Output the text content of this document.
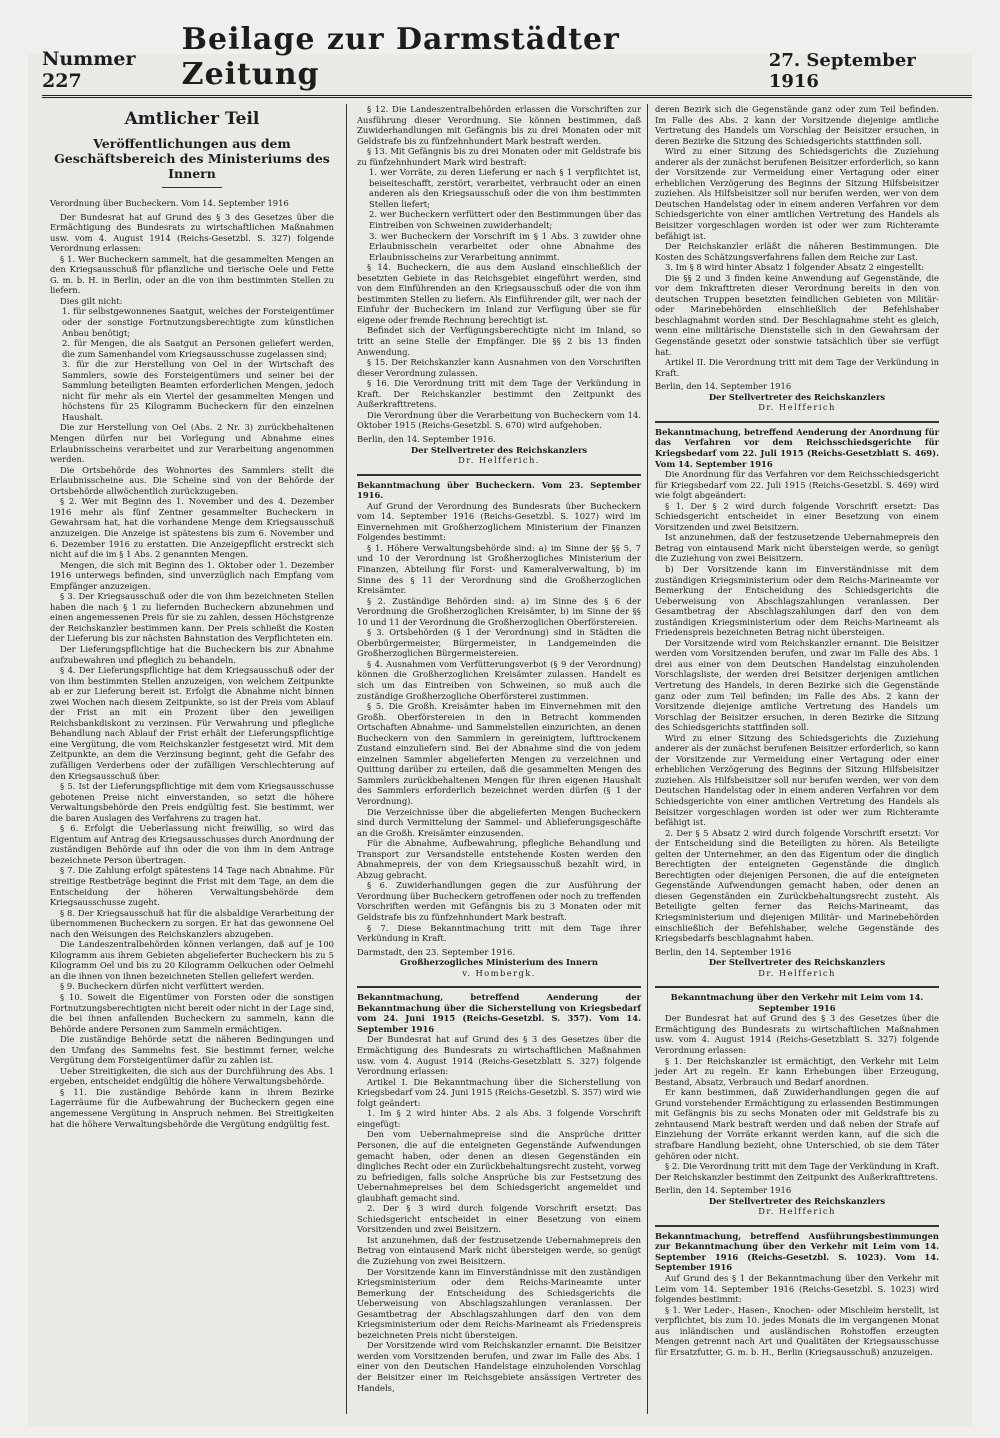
Nummer 227
Beilage zur Darmstädter Zeitung	27. September 1916
Amtlicher Teil
Veröffentlichungen aus dem Geschäftsbereich des Ministeriums des Innern

Verordnung über Bucheckern. Vom 14. September 1916

Der Bundesrat hat auf Grund des § 3 des Gesetzes über die Ermächtigung des Bundesrats zu wirtschaftlichen Maßnahmen usw. vom 4. August 1914 (Reichs-Gesetzbl. S. 327) folgende Verordnung erlassen:

§ 1. Wer Bucheckern sammelt, hat die gesammelten Mengen an den Kriegsausschuß für pflanzliche und tierische Oele und Fette G. m. b. H. in Berlin, oder an die von ihm bestimmten Stellen zu liefern.

Dies gilt nicht:

1. für selbstgewonnenes Saatgut, welches der Forsteigentümer oder der sonstige Fortnutzungsberechtigte zum künstlichen Anbau benötigt;

2. für Mengen, die als Saatgut an Personen geliefert werden, die zum Samenhandel vom Kriegsausschusse zugelassen sind;

3. für die zur Herstellung von Oel in der Wirtschaft des Sammlers, sowie des Forsteigentümers und seiner bei der Sammlung beteiligten Beamten erforderlichen Mengen, jedoch nicht für mehr als ein Viertel der gesammelten Mengen und höchstens für 25 Kilogramm Bucheckern für den einzelnen Haushalt.

Die zur Herstellung von Oel (Abs. 2 Nr. 3) zurückbehaltenen Mengen dürfen nur bei Vorlegung und Abnahme eines Erlaubnisscheins verarbeitet und zur Verarbeitung angenommen werden.

Die Ortsbehörde des Wohnortes des Sammlers stellt die Erlaubnisscheine aus. Die Scheine sind von der Behörde der Ortsbehörde allwöchentlich zurückzugeben.

§ 2. Wer mit Beginn des 1. November und des 4. Dezember 1916 mehr als fünf Zentner gesammelter Bucheckern in Gewahrsam hat, hat die vorhandene Menge dem Kriegsausschuß anzuzeigen. Die Anzeige ist spätestens bis zum 6. November und 6. Dezember 1916 zu erstatten. Die Anzeigepflicht erstreckt sich nicht auf die im § 1 Abs. 2 genannten Mengen.

Mengen, die sich mit Beginn des 1. Oktober oder 1. Dezember 1916 unterwegs befinden, sind unverzüglich nach Empfang vom Empfänger anzuzeigen.

§ 3. Der Kriegsausschuß oder die von ihm bezeichneten Stellen haben die nach § 1 zu liefernden Bucheckern abzunehmen und einen angemessenen Preis für sie zu zahlen, dessen Höchstgrenze der Reichskanzler bestimmen kann. Der Preis schließt die Kosten der Lieferung bis zur nächsten Bahnstation des Verpflichteten ein.

Der Lieferungspflichtige hat die Bucheckern bis zur Abnahme aufzubewahren und pfleglich zu behandeln.

§ 4. Der Lieferungspflichtige hat dem Kriegsausschuß oder der von ihm bestimmten Stellen anzuzeigen, von welchem Zeitpunkte ab er zur Lieferung bereit ist. Erfolgt die Abnahme nicht binnen zwei Wochen nach diesem Zeitpunkte, so ist der Preis vom Ablauf der Frist an mit ein Prozent über den jeweiligen Reichsbankdiskont zu verzinsen. Für Verwahrung und pflegliche Behandlung nach Ablauf der Frist erhält der Lieferungspflichtige eine Vergütung, die vom Reichskanzler festgesetzt wird. Mit dem Zeitpunkte, an dem die Verzinsung beginnt, geht die Gefahr des zufälligen Verderbens oder der zufälligen Verschlechterung auf den Kriegsausschuß über.

§ 5. Ist der Lieferungspflichtige mit dem vom Kriegsausschusse gebotenen Preise nicht einverstanden, so setzt die höhere Verwaltungsbehörde den Preis endgültig fest. Sie bestimmt, wer die baren Auslagen des Verfahrens zu tragen hat.

§ 6. Erfolgt die Ueberlassung nicht freiwillig, so wird das Eigentum auf Antrag des Kriegsausschusses durch Anordnung der zuständigen Behörde auf ihn oder die von ihm in dem Antrage bezeichnete Person übertragen.

§ 7. Die Zahlung erfolgt spätestens 14 Tage nach Abnahme. Für streitige Restbeträge beginnt die Frist mit dem Tage, an dem die Entscheidung der höheren Verwaltungsbehörde dem Kriegsausschusse zugeht.

§ 8. Der Kriegsausschuß hat für die alsbaldige Verarbeitung der übernommenen Bucheckern zu sorgen. Er hat das gewonnene Oel nach den Weisungen des Reichskanzlers abzugeben.

Die Landeszentralbehörden können verlangen, daß auf je 100 Kilogramm aus ihrem Gebieten abgelieferter Bucheckern bis zu 5 Kilogramm Oel und bis zu 20 Kilogramm Oelkuchen oder Oelmehl an die ihnen von ihnen bezeichneten Stellen geliefert werden.

§ 9. Bucheckern dürfen nicht verfüttert werden.

§ 10. Soweit die Eigentümer von Forsten oder die sonstigen Fortnutzungsberechtigten nicht bereit oder nicht in der Lage sind, die bei ihnen anfallenden Bucheckern zu sammeln, kann die Behörde andere Personen zum Sammeln ermächtigen.

Die zuständige Behörde setzt die näheren Bedingungen und den Umfang des Sammelns fest. Sie bestimmt ferner, welche Vergütung dem Forsteigentümer dafür zu zahlen ist.

Ueber Streitigkeiten, die sich aus der Durchführung des Abs. 1 ergeben, entscheidet endgültig die höhere Verwaltungsbehörde.

§ 11. Die zuständige Behörde kann in ihrem Bezirke Lagerräume für die Aufbewahrung der Bucheckern gegen eine angemessene Vergütung in Anspruch nehmen. Bei Streitigkeiten hat die höhere Verwaltungsbehörde die Vergütung endgültig fest.

§ 12. Die Landeszentralbehörden erlassen die Vorschriften zur Ausführung dieser Verordnung. Sie können bestimmen, daß Zuwiderhandlungen mit Gefängnis bis zu drei Monaten oder mit Geldstrafe bis zu fünfzehnhundert Mark bestraft werden.

§ 13. Mit Gefängnis bis zu drei Monaten oder mit Geldstrafe bis zu fünfzehnhundert Mark wird bestraft:

1. wer Vorräte, zu deren Lieferung er nach § 1 verpflichtet ist, beiseiteschafft, zerstört, verarbeitet, verbraucht oder an einen anderen als den Kriegsausschuß oder die von ihm bestimmten Stellen liefert;

2. wer Bucheckern verfüttert oder den Bestimmungen über das Eintreiben von Schweinen zuwiderhandelt;

3. wer Bucheckern der Vorschrift im § 1 Abs. 3 zuwider ohne Erlaubnisschein verarbeitet oder ohne Abnahme des Erlaubnisscheins zur Verarbeitung annimmt.

§ 14. Bucheckern, die aus dem Ausland einschließlich der besetzten Gebiete in das Reichsgebiet eingeführt werden, sind von dem Einführenden an den Kriegsausschuß oder die von ihm bestimmten Stellen zu liefern. Als Einführender gilt, wer nach der Einfuhr der Bucheckern im Inland zur Verfügung über sie für eigene oder fremde Rechnung berechtigt ist.

Befindet sich der Verfügungsberechtigte nicht im Inland, so tritt an seine Stelle der Empfänger. Die §§ 2 bis 13 finden Anwendung.

§ 15. Der Reichskanzler kann Ausnahmen von den Vorschriften dieser Verordnung zulassen.

§ 16. Die Verordnung tritt mit dem Tage der Verkündung in Kraft. Der Reichskanzler bestimmt den Zeitpunkt des Außerkrafttretens.

Die Verordnung über die Verarbeitung von Bucheckern vom 14. Oktober 1915 (Reichs-Gesetzbl. S. 670) wird aufgehoben.

Berlin, den 14. September 1916.

Der Stellvertreter des Reichskanzlers

Dr. Helfferich.

Bekanntmachung über Bucheckern. Vom 23. September 1916.

Auf Grund der Verordnung des Bundesrats über Bucheckern vom 14. September 1916 (Reichs-Gesetzbl. S. 1027) wird im Einvernehmen mit Großherzoglichem Ministerium der Finanzen Folgendes bestimmt:

§ 1. Höhere Verwaltungsbehörde sind: a) im Sinne der §§ 5, 7 und 10 der Verordnung ist Großherzogliches Ministerium der Finanzen, Abteilung für Forst- und Kameralverwaltung, b) im Sinne des § 11 der Verordnung sind die Großherzoglichen Kreisämter.

§ 2. Zuständige Behörden sind: a) im Sinne des § 6 der Verordnung die Großherzoglichen Kreisämter, b) im Sinne der §§ 10 und 11 der Verordnung die Großherzoglichen Oberförstereien.

§ 3. Ortsbehörden (§ 1 der Verordnung) sind in Städten die Oberbürgermeister, Bürgermeister, in Landgemeinden die Großherzoglichen Bürgermeistereien.

§ 4. Ausnahmen vom Verfütterungsverbot (§ 9 der Verordnung) können die Großherzoglichen Kreisämter zulassen. Handelt es sich um das Eintreiben von Schweinen, so muß auch die zuständige Großherzogliche Oberförsterei zustimmen.

§ 5. Die Großh. Kreisämter haben im Einvernehmen mit den Großh. Oberförstereien in den in Betracht kommenden Ortschaften Abnahme- und Sammelstellen einzurichten, an denen Bucheckern von den Sammlern in gereinigtem, lufttrockenem Zustand einzuliefern sind. Bei der Abnahme sind die von jedem einzelnen Sammler abgelieferten Mengen zu verzeichnen und Quittung darüber zu erteilen, daß die gesammelten Mengen des Sammlers zurückbehaltenen Mengen für ihren eigenen Haushalt des Sammlers erforderlich bezeichnet werden dürfen (§ 1 der Verordnung).

Die Verzeichnisse über die abgelieferten Mengen Bucheckern sind durch Vermittelung der Sammel- und Ablieferungsgeschäfte an die Großh. Kreisämter einzusenden.

Für die Abnahme, Aufbewahrung, pflegliche Behandlung und Transport zur Versandstelle entstehende Kosten werden den Abnahmepreis, der von dem Kriegsausschuß bezahlt wird, in Abzug gebracht.

§ 6. Zuwiderhandlungen gegen die zur Ausführung der Verordnung über Bucheckern getroffenen oder noch zu treffenden Vorschriften werden mit Gefängnis bis zu 3 Monaten oder mit Geldstrafe bis zu fünfzehnhundert Mark bestraft.

§ 7. Diese Bekanntmachung tritt mit dem Tage ihrer Verkündung in Kraft.

Darmstadt, den 23. September 1916.

Großherzogliches Ministerium des Innern

v. Hombergk.

Bekanntmachung, betreffend Aenderung der Bekanntmachung über die Sicherstellung von Kriegsbedarf vom 24. Juni 1915 (Reichs-Gesetzbl. S. 357). Vom 14. September 1916

Der Bundesrat hat auf Grund des § 3 des Gesetzes über die Ermächtigung des Bundesrats zu wirtschaftlichen Maßnahmen usw. vom 4. August 1914 (Reichs-Gesetzblatt S. 327) folgende Verordnung erlassen:

Artikel I. Die Bekanntmachung über die Sicherstellung von Kriegsbedarf vom 24. Juni 1915 (Reichs-Gesetzbl. S. 357) wird wie folgt geändert:

1. Im § 2 wird hinter Abs. 2 als Abs. 3 folgende Vorschrift eingefügt:

Den vom Uebernahmepreise sind die Ansprüche dritter Personen, die auf die enteigneten Gegenstände Aufwendungen gemacht haben, oder denen an diesen Gegenständen ein dingliches Recht oder ein Zurückbehaltungsrecht zusteht, vorweg zu befriedigen, falls solche Ansprüche bis zur Festsetzung des Uebernahmepreises bei dem Schiedsgericht angemeldet und glaubhaft gemacht sind.

2. Der § 3 wird durch folgende Vorschrift ersetzt: Das Schiedsgericht entscheidet in einer Besetzung von einem Vorsitzenden und zwei Beisitzern.

Ist anzunehmen, daß der festzusetzende Uebernahmepreis den Betrag von eintausend Mark nicht übersteigen werde, so genügt die Zuziehung von zwei Beisitzern.

Der Vorsitzende kann im Einverständnisse mit den zuständigen Kriegsministerium oder dem Reichs-Marineamte unter Bemerkung der Entscheidung des Schiedsgerichts die Ueberweisung von Abschlagszahlungen veranlassen. Der Gesamtbetrag der Abschlagszahlungen darf den von dem Kriegsministerium oder dem Reichs-Marineamt als Friedenspreis bezeichneten Preis nicht übersteigen.

Der Vorsitzende wird vom Reichskanzler ernannt. Die Beisitzer werden vom Vorsitzenden berufen, und zwar im Falle des Abs. 1 einer von den Deutschen Handelstage einzuholenden Vorschlag der Beisitzer einer im Reichsgebiete ansässigen Vertreter des Handels,

deren Bezirk sich die Gegenstände ganz oder zum Teil befinden. Im Falle des Abs. 2 kann der Vorsitzende diejenige amtliche Vertretung des Handels um Vorschlag der Beisitzer ersuchen, in deren Bezirke die Sitzung des Schiedsgerichts stattfinden soll.

Wird zu einer Sitzung des Schiedsgerichts die Zuziehung anderer als der zunächst berufenen Beisitzer erforderlich, so kann der Vorsitzende zur Vermeidung einer Vertagung oder einer erheblichen Verzögerung des Beginns der Sitzung Hilfsbeisitzer zuziehen. Als Hilfsbeisitzer soll nur berufen werden, wer von dem Deutschen Handelstag oder in einem anderen Verfahren vor dem Schiedsgerichte von einer amtlichen Vertretung des Handels als Beisitzer vorgeschlagen worden ist oder wer zum Richteramte befähigt ist.

Der Reichskanzler erläßt die näheren Bestimmungen. Die Kosten des Schätzungsverfahrens fallen dem Reiche zur Last.

3. Im § 8 wird hinter Absatz 1 folgender Absatz 2 eingestellt:

Die §§ 2 und 3 finden keine Anwendung auf Gegenstände, die vor dem Inkrafttreten dieser Verordnung bereits in den von deutschen Truppen besetzten feindlichen Gebieten von Militär- oder Marinebehörden einschließlich der Befehlshaber beschlagnahmt worden sind. Der Beschlagnahme steht es gleich, wenn eine militärische Dienststelle sich in den Gewahrsam der Gegenstände gesetzt oder sonstwie tatsächlich über sie verfügt hat.

Artikel II. Die Verordnung tritt mit dem Tage der Verkündung in Kraft.

Berlin, den 14. September 1916

Der Stellvertreter des Reichskanzlers

Dr. Helfferich

Bekanntmachung, betreffend Aenderung der Anordnung für das Verfahren vor dem Reichsschiedsgerichte für Kriegsbedarf vom 22. Juli 1915 (Reichs-Gesetzblatt S. 469). Vom 14. September 1916

Die Anordnung für das Verfahren vor dem Reichsschiedsgericht für Kriegsbedarf vom 22. Juli 1915 (Reichs-Gesetzbl. S. 469) wird wie folgt abgeändert:

§ 1. Der § 2 wird durch folgende Vorschrift ersetzt: Das Schiedsgericht entscheidet in einer Besetzung von einem Vorsitzenden und zwei Beisitzern.

Ist anzunehmen, daß der festzusetzende Uebernahmepreis den Betrag von eintausend Mark nicht übersteigen werde, so genügt die Zuziehung von zwei Beisitzern.

b) Der Vorsitzende kann im Einverständnisse mit dem zuständigen Kriegsministerium oder dem Reichs-Marineamte vor Bemerkung der Entscheidung des Schiedsgerichts die Ueberweisung von Abschlagszahlungen veranlassen. Der Gesamtbetrag der Abschlagszahlungen darf den von dem zuständigen Kriegsministerium oder dem Reichs-Marineamt als Friedenspreis bezeichneten Betrag nicht übersteigen.

Der Vorsitzende wird vom Reichskanzler ernannt. Die Beisitzer werden vom Vorsitzenden berufen, und zwar im Falle des Abs. 1 drei aus einer von dem Deutschen Handelstag einzuholenden Vorschlagsliste, der werden drei Beisitzer derjenigen amtlichen Vertretung des Handels, in deren Bezirke sich die Gegenstände ganz oder zum Teil befinden; im Falle des Abs. 2 kann der Vorsitzende diejenige amtliche Vertretung des Handels um Vorschlag der Beisitzer ersuchen, in deren Bezirke die Sitzung des Schiedsgerichts stattfinden soll.

Wird zu einer Sitzung des Schiedsgerichts die Zuziehung anderer als der zunächst berufenen Beisitzer erforderlich, so kann der Vorsitzende zur Vermeidung einer Vertagung oder einer erheblichen Verzögerung des Beginns der Sitzung Hilfsbeisitzer zuziehen. Als Hilfsbeisitzer soll nur berufen werden, wer von dem Deutschen Handelstag oder in einem anderen Verfahren vor dem Schiedsgerichte von einer amtlichen Vertretung des Handels als Beisitzer vorgeschlagen worden ist oder wer zum Richteramte befähigt ist.

2. Der § 5 Absatz 2 wird durch folgende Vorschrift ersetzt: Vor der Entscheidung sind die Beteiligten zu hören. Als Beteiligte gelten der Unternehmer, an den das Eigentum oder die dinglich Berechtigten der enteigneten Gegenstände die dinglich Berechtigten oder diejenigen Personen, die auf die enteigneten Gegenstände Aufwendungen gemacht haben, oder denen an diesen Gegenständen ein Zurückbehaltungsrecht zusteht. Als Beteiligte gelten ferner das Reichs-Marineamt, das Kriegsministerium und diejenigen Militär- und Marinebehörden einschließlich der Befehlshaber, welche Gegenstände des Kriegsbedarfs beschlagnahmt haben.

Berlin, den 14. September 1916

Der Stellvertreter des Reichskanzlers

Dr. Helfferich

Bekanntmachung über den Verkehr mit Leim vom 14. September 1916

Der Bundesrat hat auf Grund des § 3 des Gesetzes über die Ermächtigung des Bundesrats zu wirtschaftlichen Maßnahmen usw. vom 4. August 1914 (Reichs-Gesetzblatt S. 327) folgende Verordnung erlassen:

§ 1. Der Reichskanzler ist ermächtigt, den Verkehr mit Leim jeder Art zu regeln. Er kann Erhebungen über Erzeugung, Bestand, Absatz, Verbrauch und Bedarf anordnen.

Er kann bestimmen, daß Zuwiderhandlungen gegen die auf Grund vorstehender Ermächtigung zu erlassenden Bestimmungen mit Gefängnis bis zu sechs Monaten oder mit Geldstrafe bis zu zehntausend Mark bestraft werden und daß neben der Strafe auf Einziehung der Vorräte erkannt werden kann, auf die sich die strafbare Handlung bezieht, ohne Unterschied, ob sie dem Täter gehören oder nicht.

§ 2. Die Verordnung tritt mit dem Tage der Verkündung in Kraft. Der Reichskanzler bestimmt den Zeitpunkt des Außerkrafttretens.

Berlin, den 14. September 1916

Der Stellvertreter des Reichskanzlers

Dr. Helfferich

Bekanntmachung, betreffend Ausführungsbestimmungen zur Bekanntmachung über den Verkehr mit Leim vom 14. September 1916 (Reichs-Gesetzbl. S. 1023). Vom 14. September 1916

Auf Grund des § 1 der Bekanntmachung über den Verkehr mit Leim vom 14. September 1916 (Reichs-Gesetzbl. S. 1023) wird folgendes bestimmt:

§ 1. Wer Leder-, Hasen-, Knochen- oder Mischleim herstellt, ist verpflichtet, bis zum 10. jedes Monats die im vergangenen Monat aus inländischen und ausländischen Rohstoffen erzeugten Mengen getrennt nach Art und Qualitäten der Kriegsausschusse für Ersatzfutter, G. m. b. H., Berlin (Kriegsausschuß) anzuzeigen.
